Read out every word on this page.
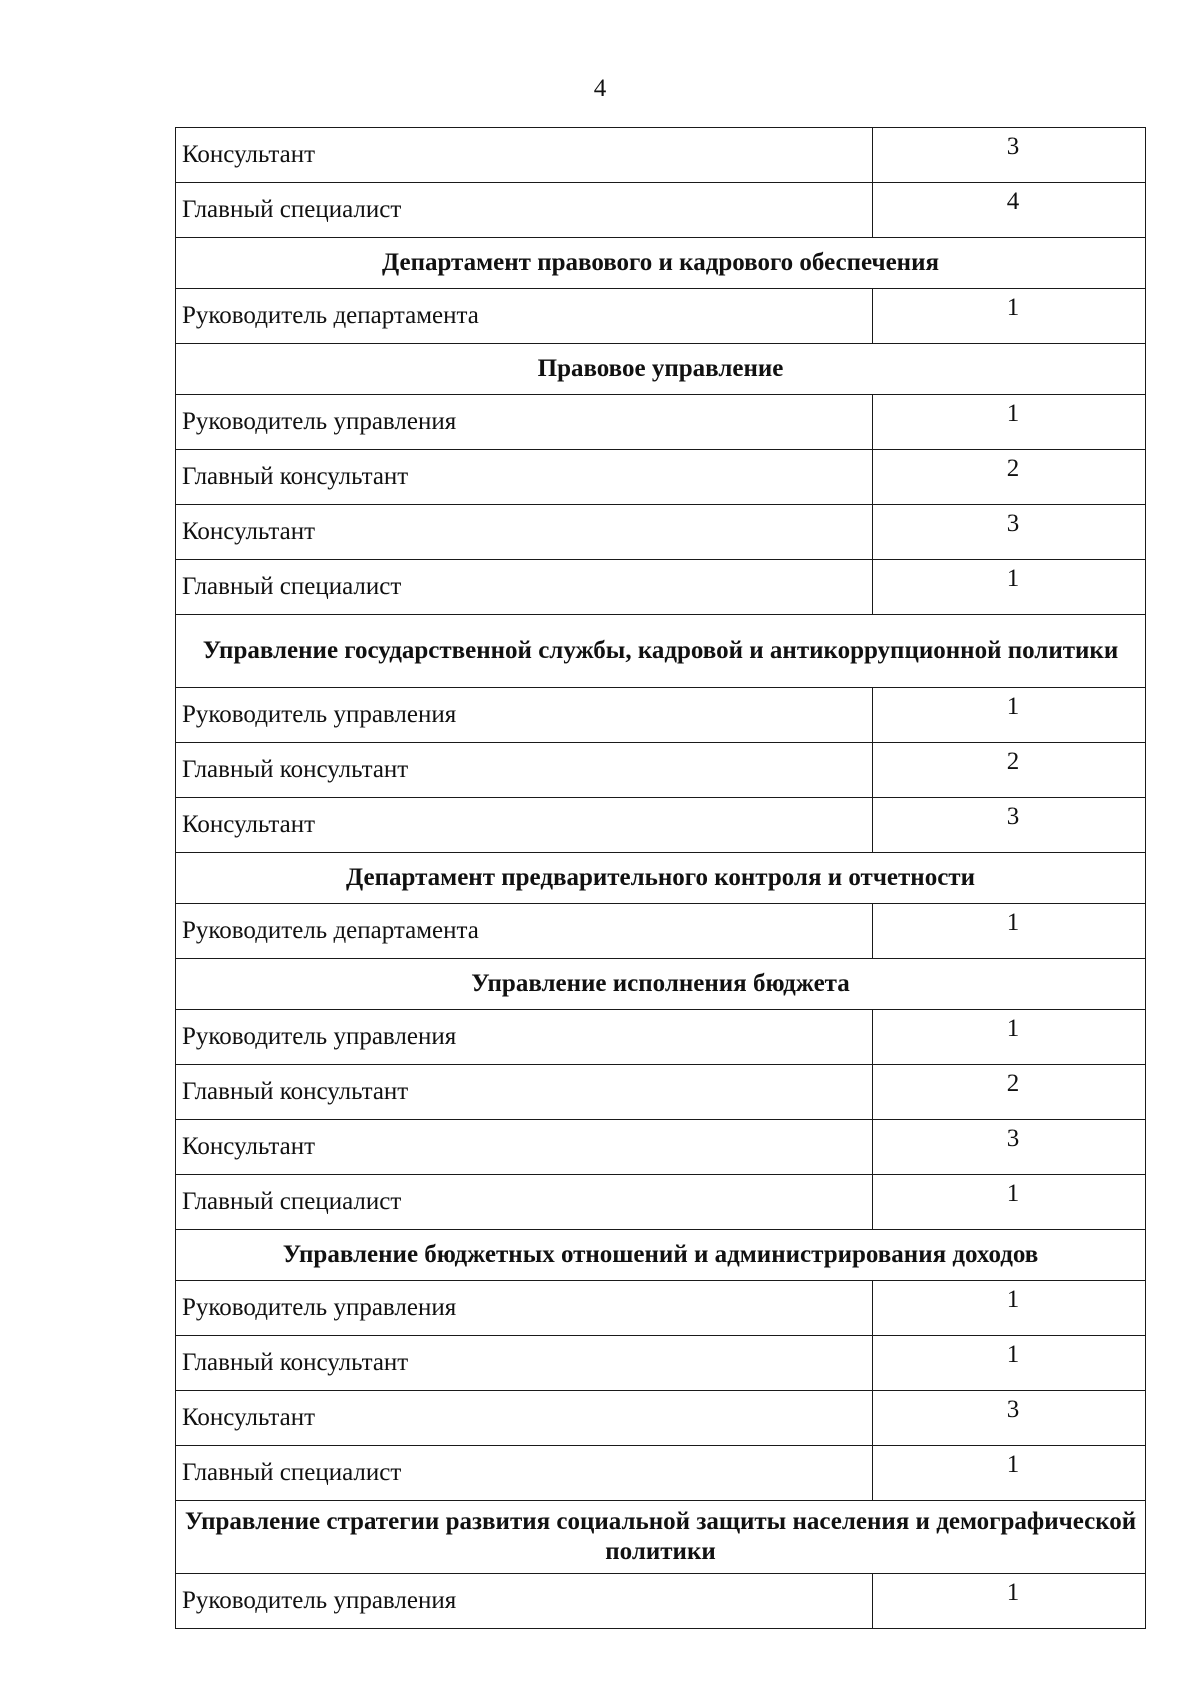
4
Консультант	3
Главный специалист	4
Департамент правового и кадрового обеспечения	
Руководитель департамента	1
Правовое управление	
Руководитель управления	1
Главный консультант	2
Консультант	3
Главный специалист	1
Управление государственной службы, кадровой и антикоррупционной политики	
Руководитель управления	1
Главный консультант	2
Консультант	3
Департамент предварительного контроля и отчетности	
Руководитель департамента	1
Управление исполнения бюджета	
Руководитель управления	1
Главный консультант	2
Консультант	3
Главный специалист	1
Управление бюджетных отношений и администрирования доходов	
Руководитель управления	1
Главный консультант	1
Консультант	3
Главный специалист	1
Управление стратегии развития социальной защиты населения и демографической политики	
Руководитель управления	1
